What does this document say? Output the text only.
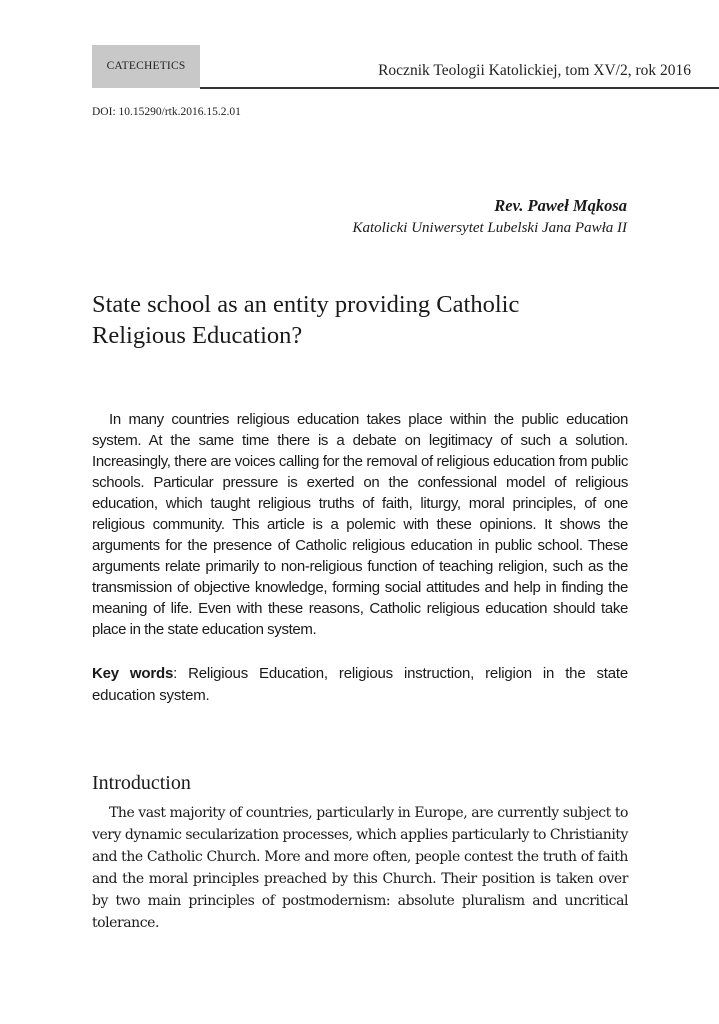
CATECHETICS	Rocznik Teologii Katolickiej, tom XV/2, rok 2016
DOI: 10.15290/rtk.2016.15.2.01
Rev. Paweł Mąkosa
Katolicki Uniwersytet Lubelski Jana Pawła II
State school as an entity providing Catholic Religious Education?

In many countries religious education takes place within the public education system. At the same time there is a debate on legitimacy of such a solution. Increasingly, there are voices calling for the removal of religious education from public schools. Particular pressure is exerted on the confessional model of religious education, which taught religious truths of faith, liturgy, moral principles, of one religious community. This article is a polemic with these opinions. It shows the arguments for the presence of Catholic religious education in public school. These arguments relate primarily to non-religious function of teaching religion, such as the transmission of objective knowledge, forming social attitudes and help in finding the meaning of life. Even with these reasons, Catholic religious education should take place in the state education system.

Key words: Religious Education, religious instruction, religion in the state education system.

Introduction

The vast majority of countries, particularly in Europe, are currently subject to very dynamic secularization processes, which applies particularly to Christianity and the Catholic Church. More and more often, people contest the truth of faith and the moral principles preached by this Church. Their position is taken over by two main principles of postmodernism: absolute pluralism and uncritical tolerance.
